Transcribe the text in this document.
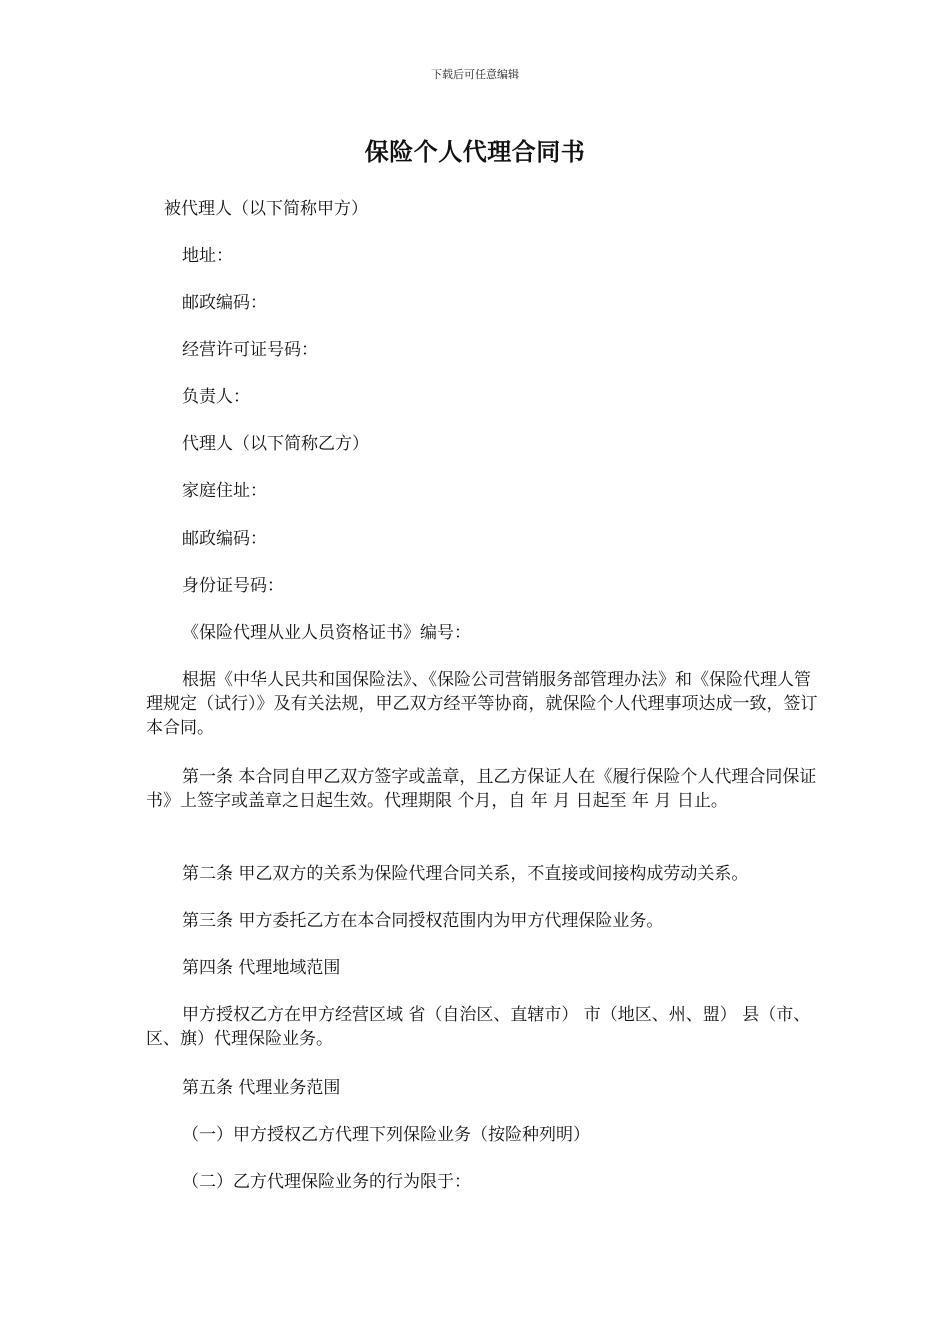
下载后可任意编辑
保险个人代理合同书

被代理人（以下简称甲方）

地址：

邮政编码：

经营许可证号码：

负责人：

代理人（以下简称乙方）

家庭住址：

邮政编码：

身份证号码：

《保险代理从业人员资格证书》编号：

根据《中华人民共和国保险法》、《保险公司营销服务部管理办法》和《保险代理人管理规定（试行）》及有关法规，甲乙双方经平等协商，就保险个人代理事项达成一致，签订本合同。

第一条 本合同自甲乙双方签字或盖章，且乙方保证人在《履行保险个人代理合同保证书》上签字或盖章之日起生效。代理期限 个月，自 年 月 日起至 年 月 日止。

第二条 甲乙双方的关系为保险代理合同关系，不直接或间接构成劳动关系。

第三条 甲方委托乙方在本合同授权范围内为甲方代理保险业务。

第四条 代理地域范围

甲方授权乙方在甲方经营区域 省（自治区、直辖市） 市（地区、州、盟） 县（市、区、旗）代理保险业务。

第五条 代理业务范围

（一）甲方授权乙方代理下列保险业务（按险种列明）

（二）乙方代理保险业务的行为限于：
